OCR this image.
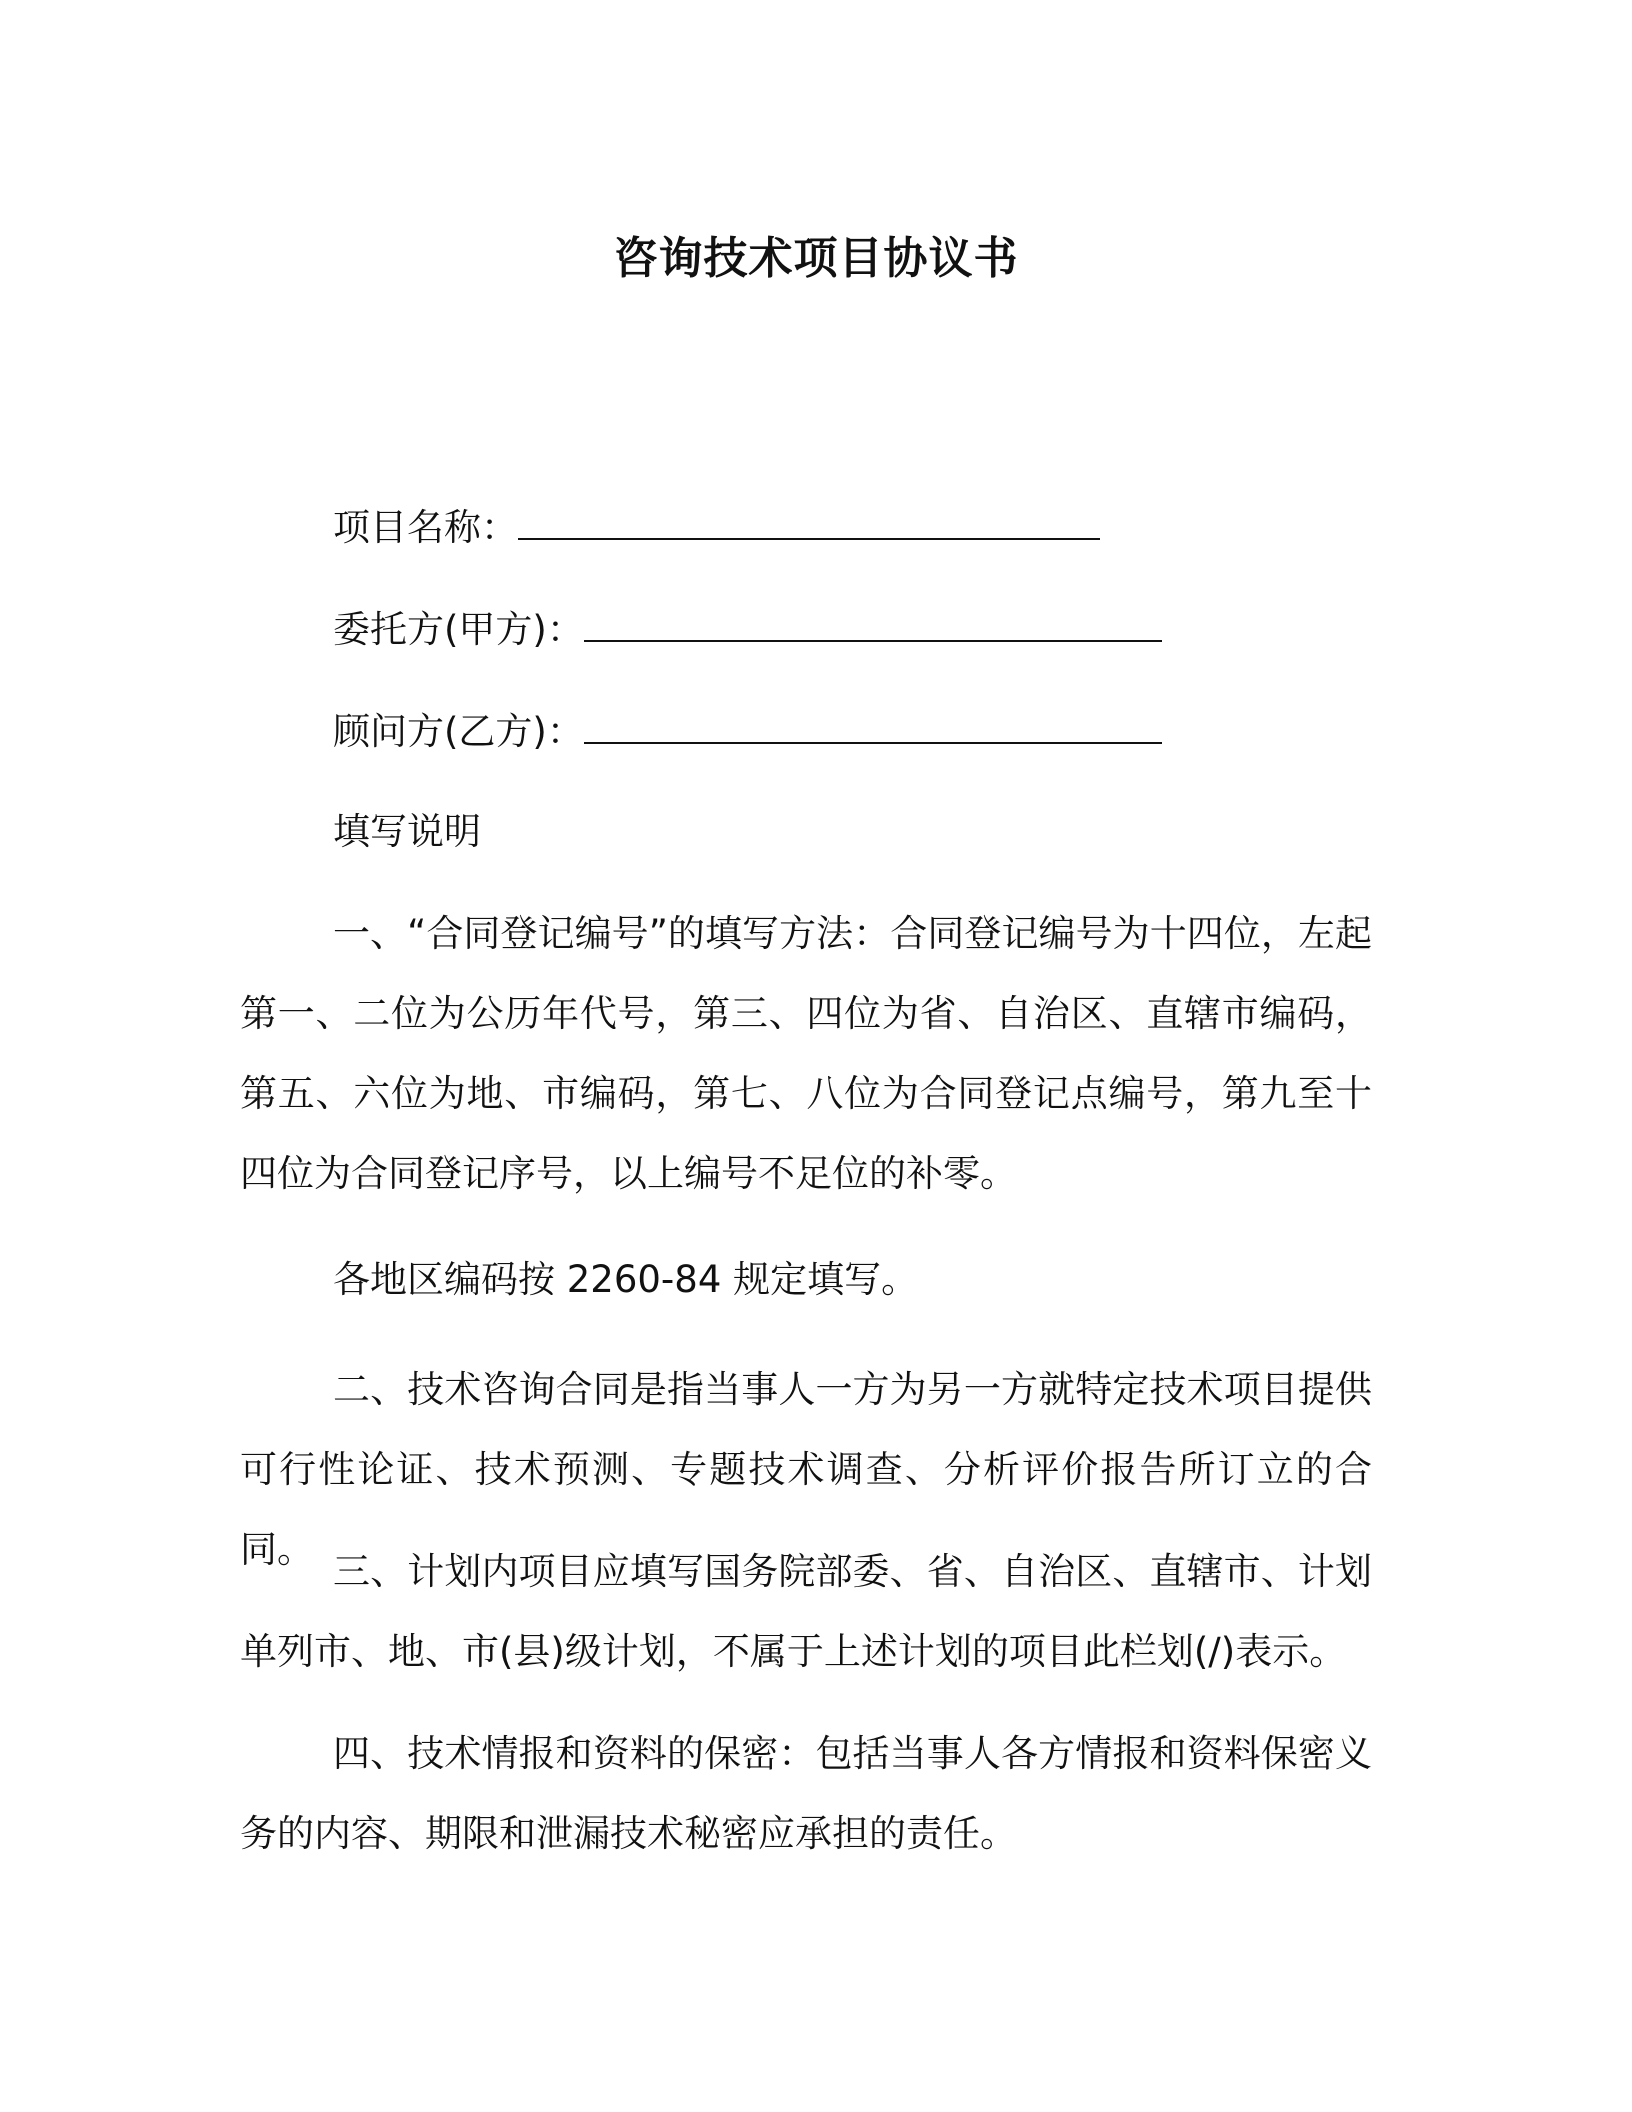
咨询技术项目协议书
项目名称：
委托方(甲方)：
顾问方(乙方)：
填写说明

一、“合同登记编号”的填写方法：合同登记编号为十四位，左起第一、二位为公历年代号，第三、四位为省、自治区、直辖市编码，第五、六位为地、市编码，第七、八位为合同登记点编号，第九至十四位为合同登记序号，以上编号不足位的补零。

各地区编码按 2260-84 规定填写。

二、技术咨询合同是指当事人一方为另一方就特定技术项目提供可行性论证、技术预测、专题技术调查、分析评价报告所订立的合同。

三、计划内项目应填写国务院部委、省、自治区、直辖市、计划单列市、地、市(县)级计划，不属于上述计划的项目此栏划(/)表示。

四、技术情报和资料的保密：包括当事人各方情报和资料保密义务的内容、期限和泄漏技术秘密应承担的责任。
